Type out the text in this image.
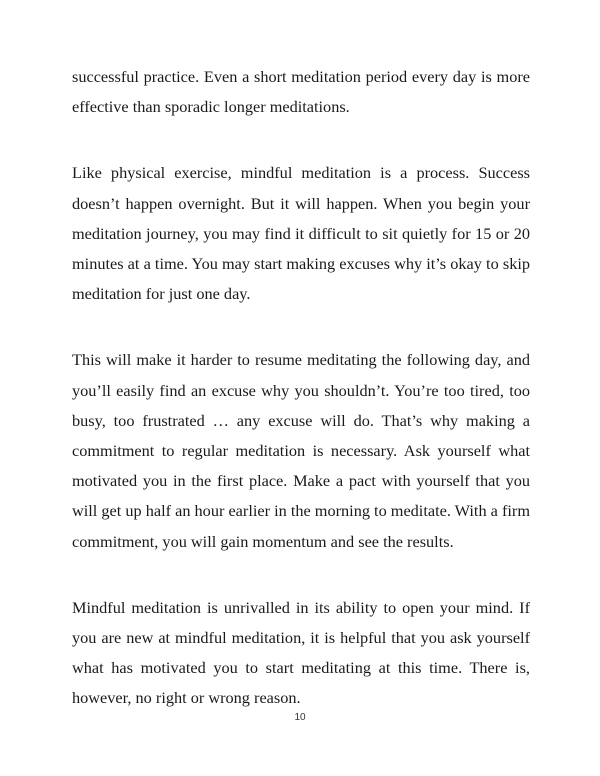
successful practice. Even a short meditation period every day is more effective than sporadic longer meditations.

Like physical exercise, mindful meditation is a process. Success doesn’t happen overnight. But it will happen. When you begin your meditation journey, you may find it difficult to sit quietly for 15 or 20 minutes at a time. You may start making excuses why it’s okay to skip meditation for just one day.

This will make it harder to resume meditating the following day, and you’ll easily find an excuse why you shouldn’t. You’re too tired, too busy, too frustrated … any excuse will do. That’s why making a commitment to regular meditation is necessary. Ask yourself what motivated you in the first place. Make a pact with yourself that you will get up half an hour earlier in the morning to meditate. With a firm commitment, you will gain momentum and see the results.

Mindful meditation is unrivalled in its ability to open your mind. If you are new at mindful meditation, it is helpful that you ask yourself what has motivated you to start meditating at this time. There is, however, no right or wrong reason.

10
